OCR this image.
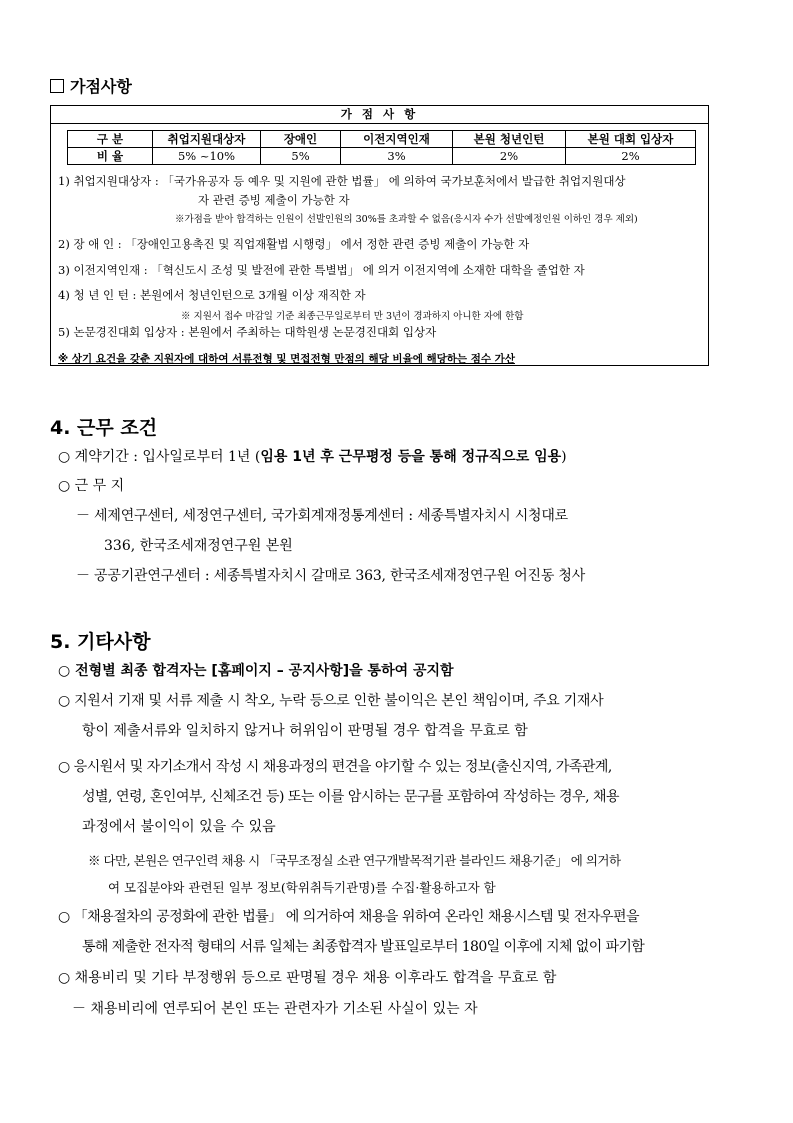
가점사항
가 점 사 항
구 분	취업지원대상자	장애인	이전지역인재	본원 청년인턴	본원 대회 입상자
비 율	5% ~10%	5%	3%	2%	2%
1) 취업지원대상자 : 「국가유공자 등 예우 및 지원에 관한 법률」 에 의하여 국가보훈처에서 발급한 취업지원대상
자 관련 증빙 제출이 가능한 자
※가점을 받아 합격하는 인원이 선발인원의 30%를 초과할 수 없음(응시자 수가 선발예정인원 이하인 경우 제외)
2) 장 애 인 : 「장애인고용촉진 및 직업재활법 시행령」 에서 정한 관련 증빙 제출이 가능한 자
3) 이전지역인재 : 「혁신도시 조성 및 발전에 관한 특별법」 에 의거 이전지역에 소재한 대학을 졸업한 자
4) 청 년 인 턴 : 본원에서 청년인턴으로 3개월 이상 재직한 자
※ 지원서 접수 마감일 기준 최종근무일로부터 만 3년이 경과하지 아니한 자에 한함
5) 논문경진대회 입상자 : 본원에서 주최하는 대학원생 논문경진대회 입상자
※ 상기 요건을 갖춘 지원자에 대하여 서류전형 및 면접전형 만점의 해당 비율에 해당하는 점수 가산
4. 근무 조건
○ 계약기간 : 입사일로부터 1년 (임용 1년 후 근무평정 등을 통해 정규직으로 임용)
○ 근 무 지
－ 세제연구센터, 세정연구센터, 국가회계재정통계센터 : 세종특별자치시 시청대로
336, 한국조세재정연구원 본원
－ 공공기관연구센터 : 세종특별자치시 갈매로 363, 한국조세재정연구원 어진동 청사
5. 기타사항
○ 전형별 최종 합격자는 [홈페이지 – 공지사항]을 통하여 공지함
○ 지원서 기재 및 서류 제출 시 착오, 누락 등으로 인한 불이익은 본인 책임이며, 주요 기재사
항이 제출서류와 일치하지 않거나 허위임이 판명될 경우 합격을 무효로 함
○ 응시원서 및 자기소개서 작성 시 채용과정의 편견을 야기할 수 있는 정보(출신지역, 가족관계,
성별, 연령, 혼인여부, 신체조건 등) 또는 이를 암시하는 문구를 포함하여 작성하는 경우, 채용
과정에서 불이익이 있을 수 있음
※ 다만, 본원은 연구인력 채용 시 「국무조정실 소관 연구개발목적기관 블라인드 채용기준」 에 의거하
여 모집분야와 관련된 일부 정보(학위취득기관명)를 수집·활용하고자 함
○ 「채용절차의 공정화에 관한 법률」 에 의거하여 채용을 위하여 온라인 채용시스템 및 전자우편을
통해 제출한 전자적 형태의 서류 일체는 최종합격자 발표일로부터 180일 이후에 지체 없이 파기함
○ 채용비리 및 기타 부정행위 등으로 판명될 경우 채용 이후라도 합격을 무효로 함
－ 채용비리에 연루되어 본인 또는 관련자가 기소된 사실이 있는 자
